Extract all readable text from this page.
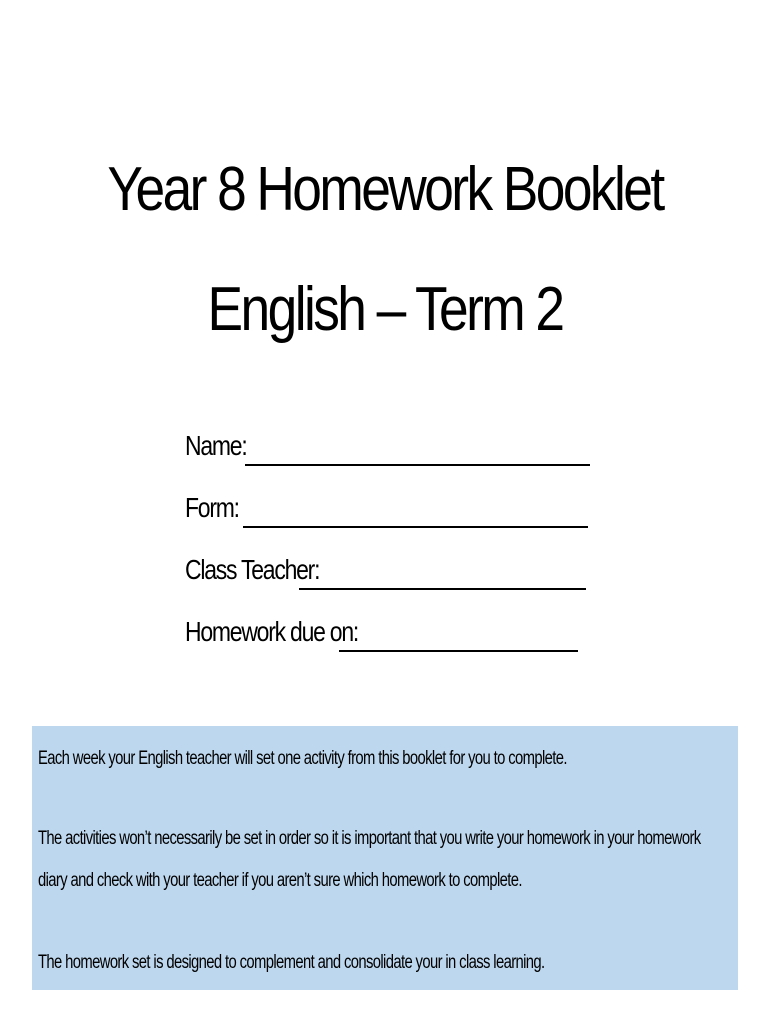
Year 8 Homework Booklet
English – Term 2
Name:
Form:
Class Teacher:
Homework due on:

Each week your English teacher will set one activity from this booklet for you to complete.

The activities won’t necessarily be set in order so it is important that you write your homework in your homework

diary and check with your teacher if you aren’t sure which homework to complete.

The homework set is designed to complement and consolidate your in class learning.
